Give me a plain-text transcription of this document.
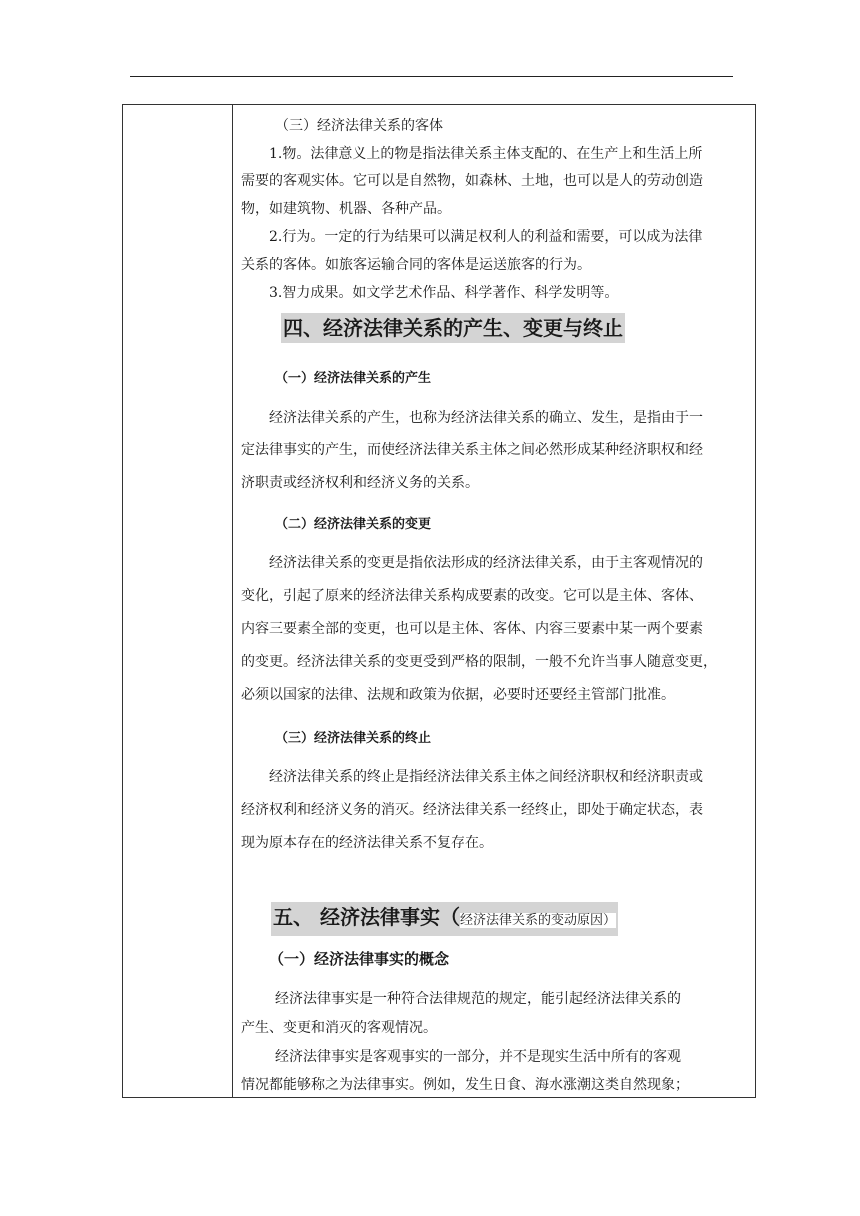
（三）经济法律关系的客体
1.物。法律意义上的物是指法律关系主体支配的、在生产上和生活上所
需要的客观实体。它可以是自然物，如森林、土地，也可以是人的劳动创造
物，如建筑物、机器、各种产品。
2.行为。一定的行为结果可以满足权利人的利益和需要，可以成为法律
关系的客体。如旅客运输合同的客体是运送旅客的行为。
3.智力成果。如文学艺术作品、科学著作、科学发明等。
四、经济法律关系的产生、变更与终止
（一）经济法律关系的产生
经济法律关系的产生，也称为经济法律关系的确立、发生，是指由于一
定法律事实的产生，而使经济法律关系主体之间必然形成某种经济职权和经
济职责或经济权利和经济义务的关系。
（二）经济法律关系的变更
经济法律关系的变更是指依法形成的经济法律关系，由于主客观情况的
变化，引起了原来的经济法律关系构成要素的改变。它可以是主体、客体、
内容三要素全部的变更，也可以是主体、客体、内容三要素中某一两个要素
的变更。经济法律关系的变更受到严格的限制，一般不允许当事人随意变更，
必须以国家的法律、法规和政策为依据，必要时还要经主管部门批准。
（三）经济法律关系的终止
经济法律关系的终止是指经济法律关系主体之间经济职权和经济职责或
经济权利和经济义务的消灭。经济法律关系一经终止，即处于确定状态，表
现为原本存在的经济法律关系不复存在。
五、 经济法律事实（经济法律关系的变动原因）
（一）经济法律事实的概念
经济法律事实是一种符合法律规范的规定，能引起经济法律关系的
产生、变更和消灭的客观情况。
经济法律事实是客观事实的一部分，并不是现实生活中所有的客观
情况都能够称之为法律事实。例如，发生日食、海水涨潮这类自然现象；
